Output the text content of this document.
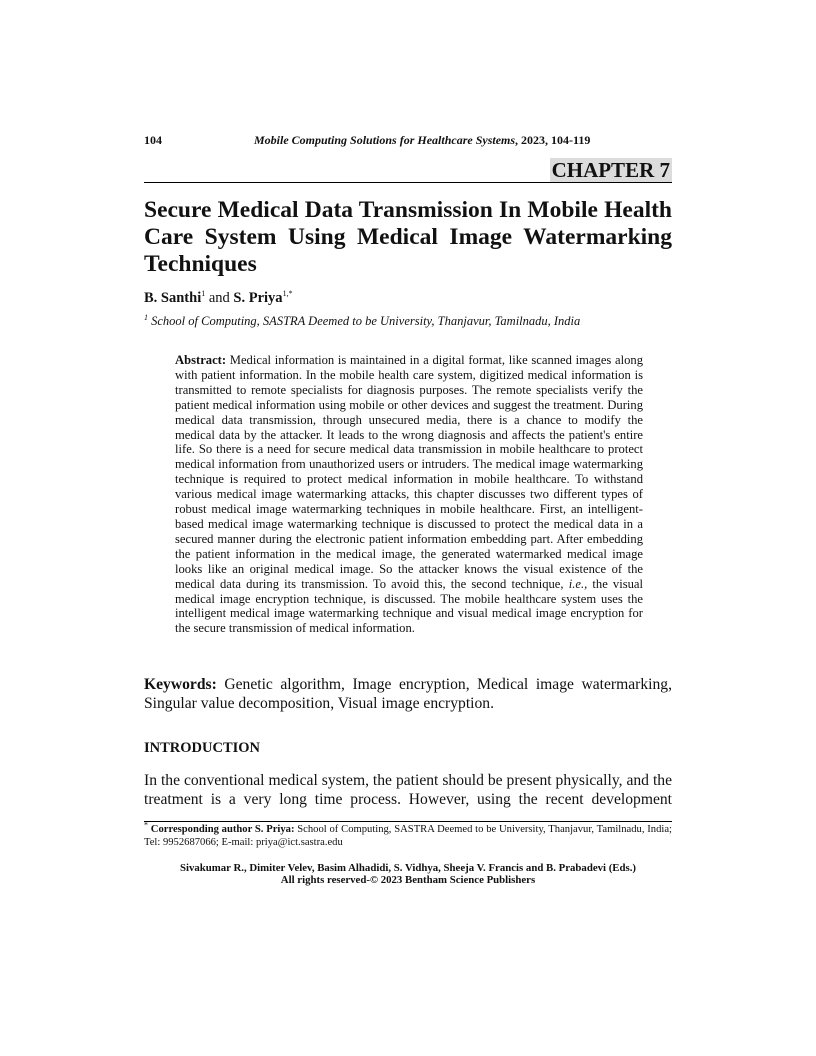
104	Mobile Computing Solutions for Healthcare Systems, 2023, 104-119
CHAPTER 7
Secure Medical Data Transmission In Mobile Health Care System Using Medical Image Watermarking Techniques
B. Santhi$^1$ and S. Priya$^{1,*}$
$^1$ School of Computing, SASTRA Deemed to be University, Thanjavur, Tamilnadu, India
Abstract: Medical information is maintained in a digital format, like scanned images along with patient information. In the mobile health care system, digitized medical information is transmitted to remote specialists for diagnosis purposes. The remote specialists verify the patient medical information using mobile or other devices and suggest the treatment. During medical data transmission, through unsecured media, there is a chance to modify the medical data by the attacker. It leads to the wrong diagnosis and affects the patient's entire life. So there is a need for secure medical data transmission in mobile healthcare to protect medical information from unauthorized users or intruders. The medical image watermarking technique is required to protect medical information in mobile healthcare. To withstand various medical image watermarking attacks, this chapter discusses two different types of robust medical image watermarking techniques in mobile healthcare. First, an intelligent-based medical image watermarking technique is discussed to protect the medical data in a secured manner during the electronic patient information embedding part. After embedding the patient information in the medical image, the generated watermarked medical image looks like an original medical image. So the attacker knows the visual existence of the medical data during its transmission. To avoid this, the second technique, i.e., the visual medical image encryption technique, is discussed. The mobile healthcare system uses the intelligent medical image watermarking technique and visual medical image encryption for the secure transmission of medical information.
Keywords: Genetic algorithm, Image encryption, Medical image watermarking, Singular value decomposition, Visual image encryption.
INTRODUCTION
In the conventional medical system, the patient should be present physically, and the treatment is a very long time process. However, using the recent development
* Corresponding author S. Priya: School of Computing, SASTRA Deemed to be University, Thanjavur, Tamilnadu, India; Tel: 9952687066; E-mail: priya@ict.sastra.edu
Sivakumar R., Dimiter Velev, Basim Alhadidi, S. Vidhya, Sheeja V. Francis and B. Prabadevi (Eds.)
All rights reserved-© 2023 Bentham Science Publishers
